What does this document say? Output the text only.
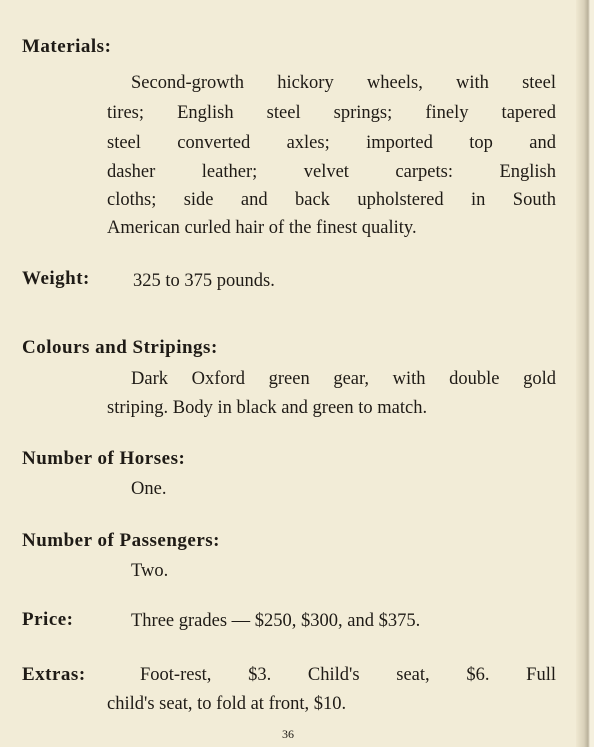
Materials:
Second-growth hickory wheels, with steel
tires; English steel springs; finely tapered
steel converted axles; imported top and
dasher leather; velvet carpets: English
cloths; side and back upholstered in South
American curled hair of the finest quality.
Weight: 325 to 375 pounds.
Colours and Stripings:
Dark Oxford green gear, with double gold
striping. Body in black and green to match.
Number of Horses:
One.
Number of Passengers:
Two.
Price:	Three grades — $250, $300, and $375.
Extras:	Foot-rest, $3. Child's seat, $6. Full
child's seat, to fold at front, $10.
36
